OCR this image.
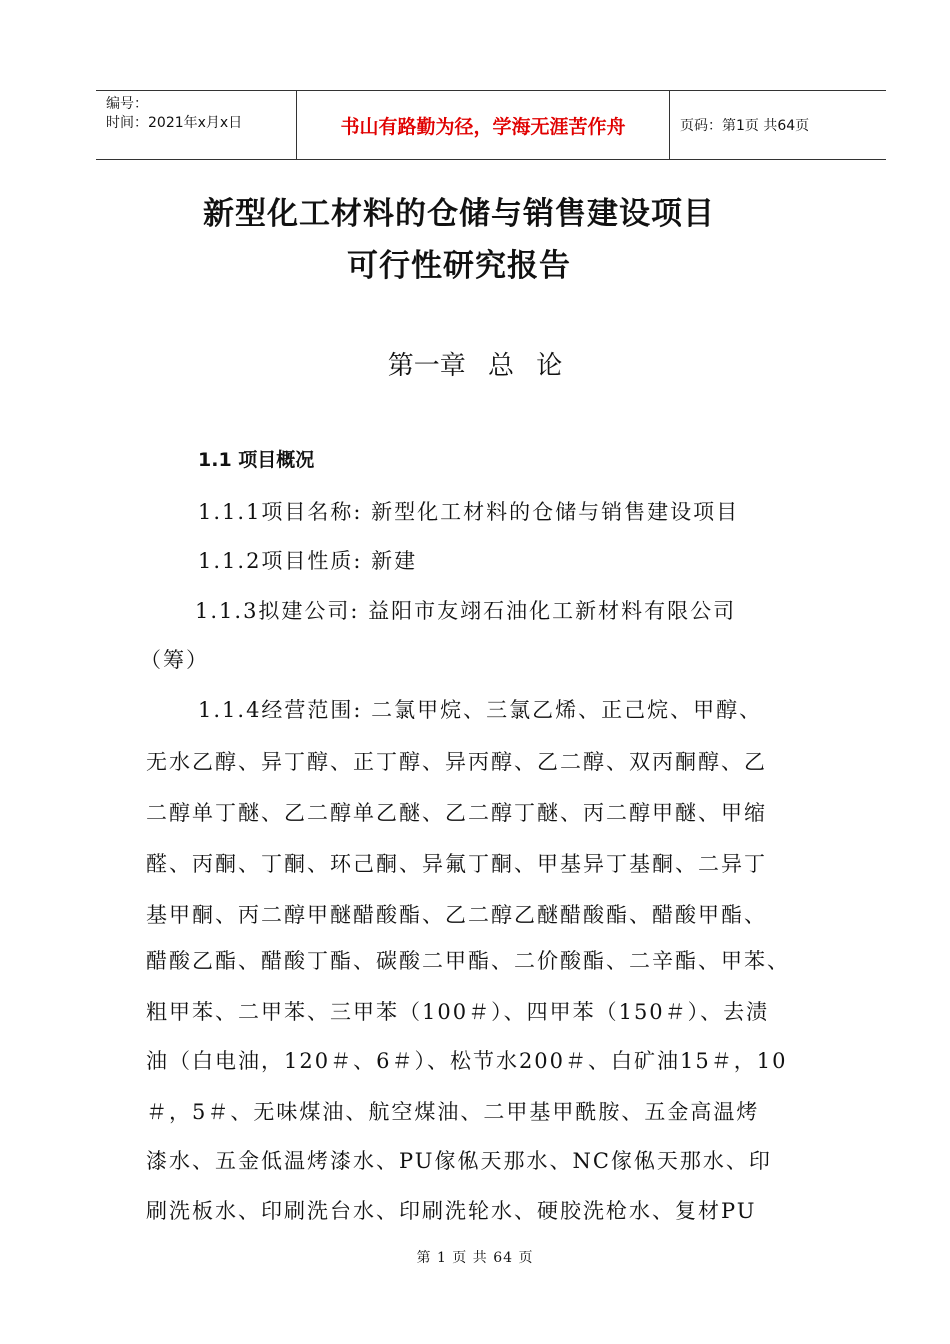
编号：
时间：2021年x月x日	书山有路勤为径，学海无涯苦作舟	页码：第1页 共64页
新型化工材料的仓储与销售建设项目
可行性研究报告
第一章 总 论
1.1 项目概况
1.1.1项目名称: 新型化工材料的仓储与销售建设项目
1.1.2项目性质: 新建
1.1.3拟建公司: 益阳市友翊石油化工新材料有限公司
（筹）
1.1.4经营范围: 二氯甲烷、三氯乙烯、正己烷、甲醇、
无水乙醇、异丁醇、正丁醇、异丙醇、乙二醇、双丙酮醇、乙
二醇单丁醚、乙二醇单乙醚、乙二醇丁醚、丙二醇甲醚、甲缩
醛、丙酮、丁酮、环己酮、异氟丁酮、甲基异丁基酮、二异丁
基甲酮、丙二醇甲醚醋酸酯、乙二醇乙醚醋酸酯、醋酸甲酯、
醋酸乙酯、醋酸丁酯、碳酸二甲酯、二价酸酯、二辛酯、甲苯、
粗甲苯、二甲苯、三甲苯（100＃）、四甲苯（150＃）、去渍
油（白电油，120＃、6＃）、松节水200＃、白矿油15＃，10
＃，5＃、无味煤油、航空煤油、二甲基甲酰胺、五金高温烤
漆水、五金低温烤漆水、PU傢俬天那水、NC傢俬天那水、印
刷洗板水、印刷洗台水、印刷洗轮水、硬胶洗枪水、复材PU
第 1 页 共 64 页
